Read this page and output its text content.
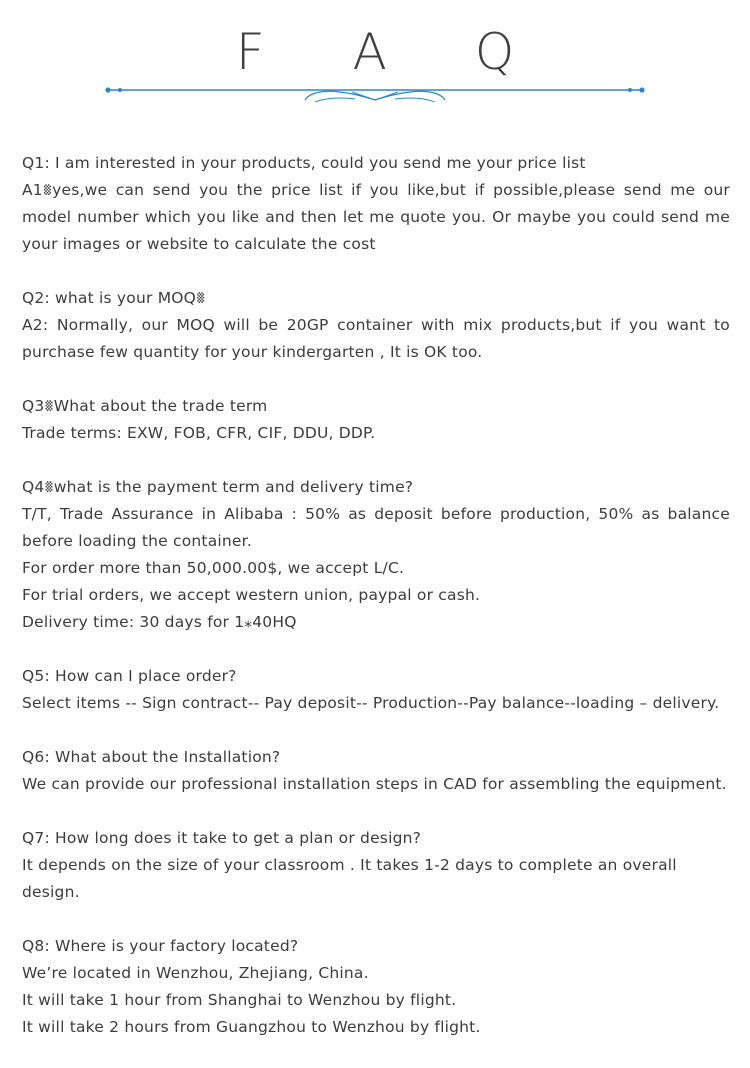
F A Q

Q1: I am interested in your products, could you send me your price list

A1␨yes,we can send you the price list if you like,but if possible,please send me our model number which you like and then let me quote you. Or maybe you could send me your images or website to calculate the cost

Q2: what is your MOQ␨

A2: Normally, our MOQ will be 20GP container with mix products,but if you want to purchase few quantity for your kindergarten , It is OK too.

Q3␨What about the trade term

Trade terms: EXW, FOB, CFR, CIF, DDU, DDP.

Q4␨what is the payment term and delivery time?

T/T, Trade Assurance in Alibaba : 50% as deposit before production, 50% as balance before loading the container.

For order more than 50,000.00$, we accept L/C.

For trial orders, we accept western union, paypal or cash.

Delivery time: 30 days for 1⁎40HQ

Q5: How can I place order?

Select items -- Sign contract-- Pay deposit-- Production--Pay balance--loading – delivery.

Q6: What about the Installation?

We can provide our professional installation steps in CAD for assembling the equipment.

Q7: How long does it take to get a plan or design?

It depends on the size of your classroom . It takes 1-2 days to complete an overall design.

Q8: Where is your factory located?

We’re located in Wenzhou, Zhejiang, China.

It will take 1 hour from Shanghai to Wenzhou by flight.

It will take 2 hours from Guangzhou to Wenzhou by flight.
